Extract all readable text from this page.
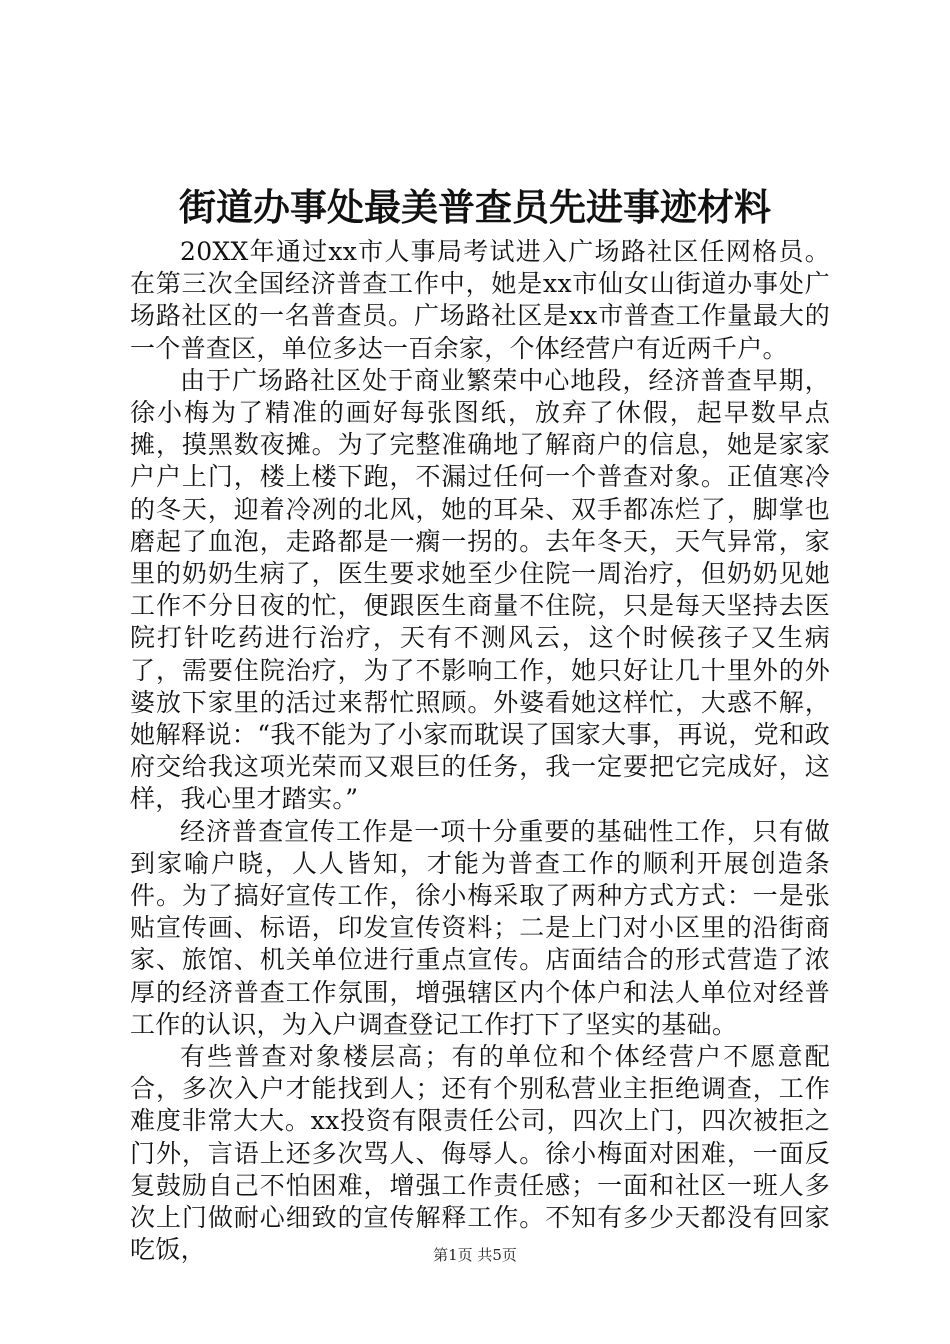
街道办事处最美普查员先进事迹材料

20XX年通过xx市人事局考试进入广场路社区任网格员。在第三次全国经济普查工作中，她是xx市仙女山街道办事处广场路社区的一名普查员。广场路社区是xx市普查工作量最大的一个普查区，单位多达一百余家，个体经营户有近两千户。

由于广场路社区处于商业繁荣中心地段，经济普查早期，徐小梅为了精准的画好每张图纸，放弃了休假，起早数早点摊，摸黑数夜摊。为了完整准确地了解商户的信息，她是家家户户上门，楼上楼下跑，不漏过任何一个普查对象。正值寒冷的冬天，迎着冷冽的北风，她的耳朵、双手都冻烂了，脚掌也磨起了血泡，走路都是一瘸一拐的。去年冬天，天气异常，家里的奶奶生病了，医生要求她至少住院一周治疗，但奶奶见她工作不分日夜的忙，便跟医生商量不住院，只是每天坚持去医院打针吃药进行治疗，天有不测风云，这个时候孩子又生病了，需要住院治疗，为了不影响工作，她只好让几十里外的外婆放下家里的活过来帮忙照顾。外婆看她这样忙，大惑不解，她解释说：“我不能为了小家而耽误了国家大事，再说，党和政府交给我这项光荣而又艰巨的任务，我一定要把它完成好，这样，我心里才踏实。”

经济普查宣传工作是一项十分重要的基础性工作，只有做到家喻户晓，人人皆知，才能为普查工作的顺利开展创造条件。为了搞好宣传工作，徐小梅采取了两种方式方式：一是张贴宣传画、标语，印发宣传资料；二是上门对小区里的沿街商家、旅馆、机关单位进行重点宣传。店面结合的形式营造了浓厚的经济普查工作氛围，增强辖区内个体户和法人单位对经普工作的认识，为入户调查登记工作打下了坚实的基础。

有些普查对象楼层高；有的单位和个体经营户不愿意配合，多次入户才能找到人；还有个别私营业主拒绝调查，工作难度非常大大。xx投资有限责任公司，四次上门，四次被拒之门外，言语上还多次骂人、侮辱人。徐小梅面对困难，一面反复鼓励自己不怕困难，增强工作责任感；一面和社区一班人多次上门做耐心细致的宣传解释工作。不知有多少天都没有回家吃饭，	第1页 共5页
